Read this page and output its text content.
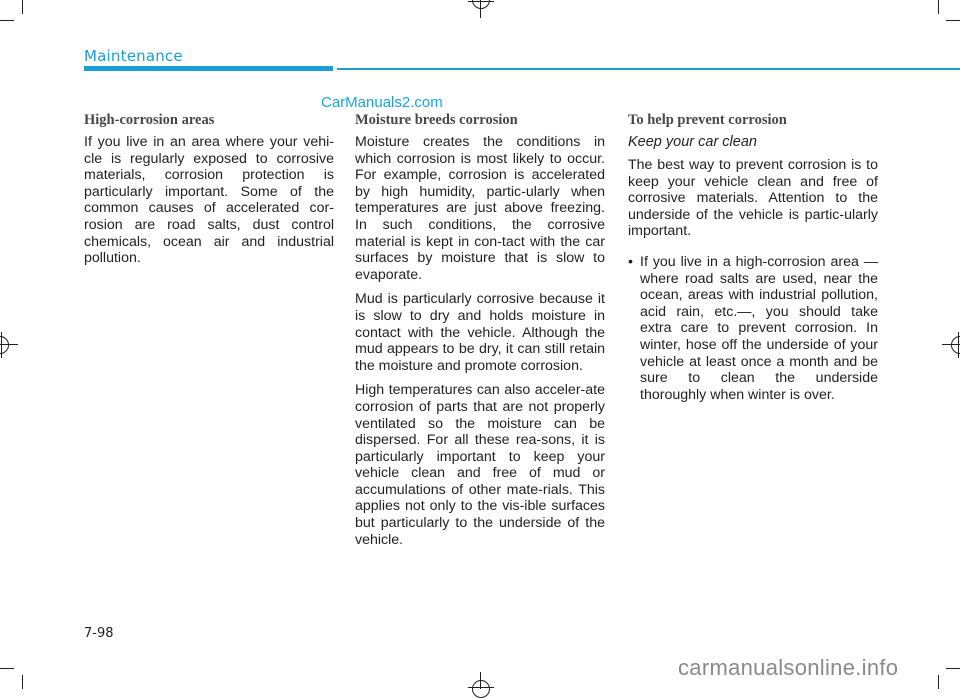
Maintenance
CarManuals2.com
High-corrosion areas

If you live in an area where your vehi-cle is regularly exposed to corrosive materials, corrosion protection is particularly important. Some of the common causes of accelerated cor-rosion are road salts, dust control chemicals, ocean air and industrial pollution.

Moisture breeds corrosion

Moisture creates the conditions in which corrosion is most likely to occur. For example, corrosion is accelerated by high humidity, partic-ularly when temperatures are just above freezing. In such conditions, the corrosive material is kept in con-tact with the car surfaces by moisture that is slow to evaporate.

Mud is particularly corrosive because it is slow to dry and holds moisture in contact with the vehicle. Although the mud appears to be dry, it can still retain the moisture and promote corrosion.

High temperatures can also acceler-ate corrosion of parts that are not properly ventilated so the moisture can be dispersed. For all these rea-sons, it is particularly important to keep your vehicle clean and free of mud or accumulations of other mate-rials. This applies not only to the vis-ible surfaces but particularly to the underside of the vehicle.

To help prevent corrosion
Keep your car clean

The best way to prevent corrosion is to keep your vehicle clean and free of corrosive materials. Attention to the underside of the vehicle is partic-ularly important.

• If you live in a high-corrosion area — where road salts are used, near the ocean, areas with industrial pollution, acid rain, etc.—, you should take extra care to prevent corrosion. In winter, hose off the underside of your vehicle at least once a month and be sure to clean the underside thoroughly when winter is over.

7-98
carmanualsonline.info
